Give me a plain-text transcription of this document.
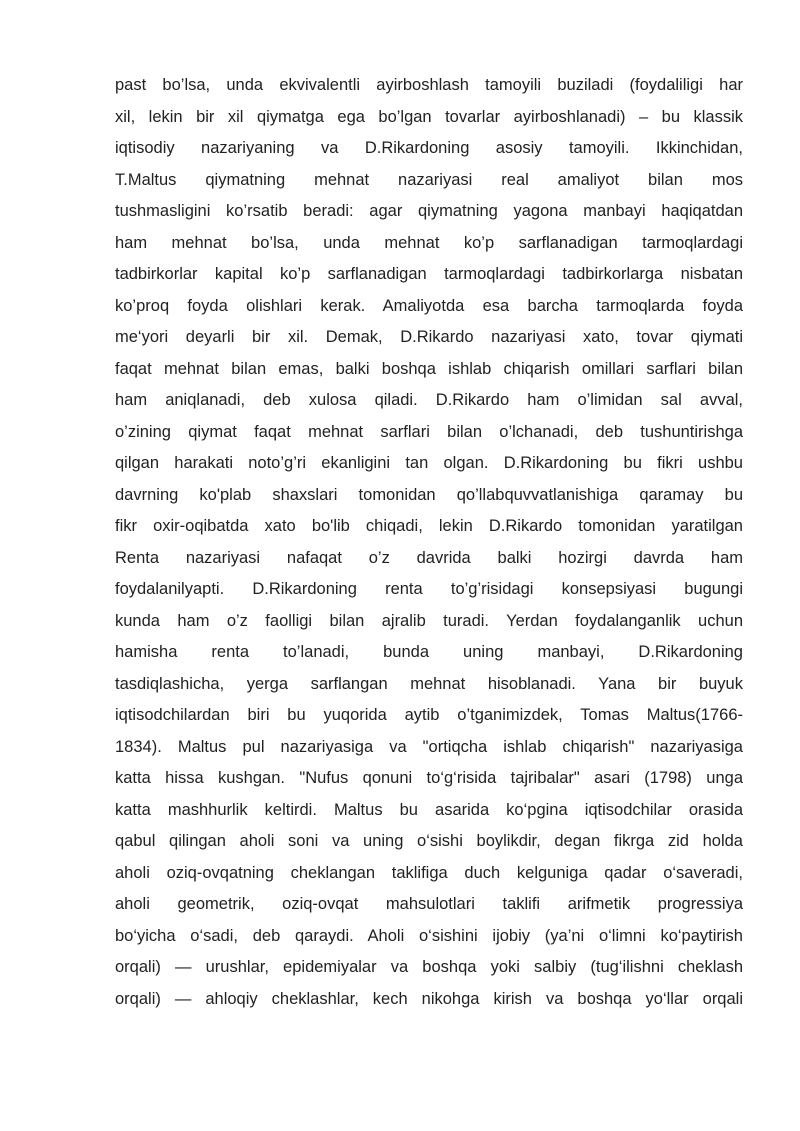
past bo’lsa, unda ekvivalentli ayirboshlash tamoyili buziladi (foydaliligi har
xil, lekin bir xil qiymatga ega bo’lgan tovarlar ayirboshlanadi) – bu klassik
iqtisodiy nazariyaning va D.Rikardoning asosiy tamoyili. Ikkinchidan,
T.Maltus qiymatning mehnat nazariyasi real amaliyot bilan mos
tushmasligini ko’rsatib beradi: agar qiymatning yagona manbayi haqiqatdan
ham mehnat bo’lsa, unda mehnat ko’p sarflanadigan tarmoqlardagi
tadbirkorlar kapital ko’p sarflanadigan tarmoqlardagi tadbirkorlarga nisbatan
ko’proq foyda olishlari kerak. Amaliyotda esa barcha tarmoqlarda foyda
me‘yori deyarli bir xil. Demak, D.Rikardo nazariyasi xato, tovar qiymati
faqat mehnat bilan emas, balki boshqa ishlab chiqarish omillari sarflari bilan
ham aniqlanadi, deb xulosa qiladi. D.Rikardo ham o’limidan sal avval,
o’zining qiymat faqat mehnat sarflari bilan o’lchanadi, deb tushuntirishga
qilgan harakati noto’g’ri ekanligini tan olgan. D.Rikardoning bu fikri ushbu
davrning ko'plab shaxslari tomonidan qo’llabquvvatlanishiga qaramay bu
fikr oxir-oqibatda xato bo'lib chiqadi, lekin D.Rikardo tomonidan yaratilgan
Renta nazariyasi nafaqat o’z davrida balki hozirgi davrda ham
foydalanilyapti. D.Rikardoning renta to’g’risidagi konsepsiyasi bugungi
kunda ham o’z faolligi bilan ajralib turadi. Yerdan foydalanganlik uchun
hamisha renta to’lanadi, bunda uning manbayi, D.Rikardoning
tasdiqlashicha, yerga sarflangan mehnat hisoblanadi. Yana bir buyuk
iqtisodchilardan biri bu yuqorida aytib o’tganimizdek, Tomas Maltus(1766-
1834). Maltus pul nazariyasiga va "ortiqcha ishlab chiqarish" nazariyasiga
katta hissa kushgan. "Nufus qonuni to‘g‘risida tajribalar" asari (1798) unga
katta mashhurlik keltirdi. Maltus bu asarida ko‘pgina iqtisodchilar orasida
qabul qilingan aholi soni va uning o‘sishi boylikdir, degan fikrga zid holda
aholi oziq-ovqatning cheklangan taklifiga duch kelguniga qadar o‘saveradi,
aholi geometrik, oziq-ovqat mahsulotlari taklifi arifmetik progressiya
bo‘yicha o‘sadi, deb qaraydi. Aholi o‘sishini ijobiy (ya’ni o‘limni ko‘paytirish
orqali) — urushlar, epidemiyalar va boshqa yoki salbiy (tug‘ilishni cheklash
orqali) — ahloqiy cheklashlar, kech nikohga kirish va boshqa yo‘llar orqali
